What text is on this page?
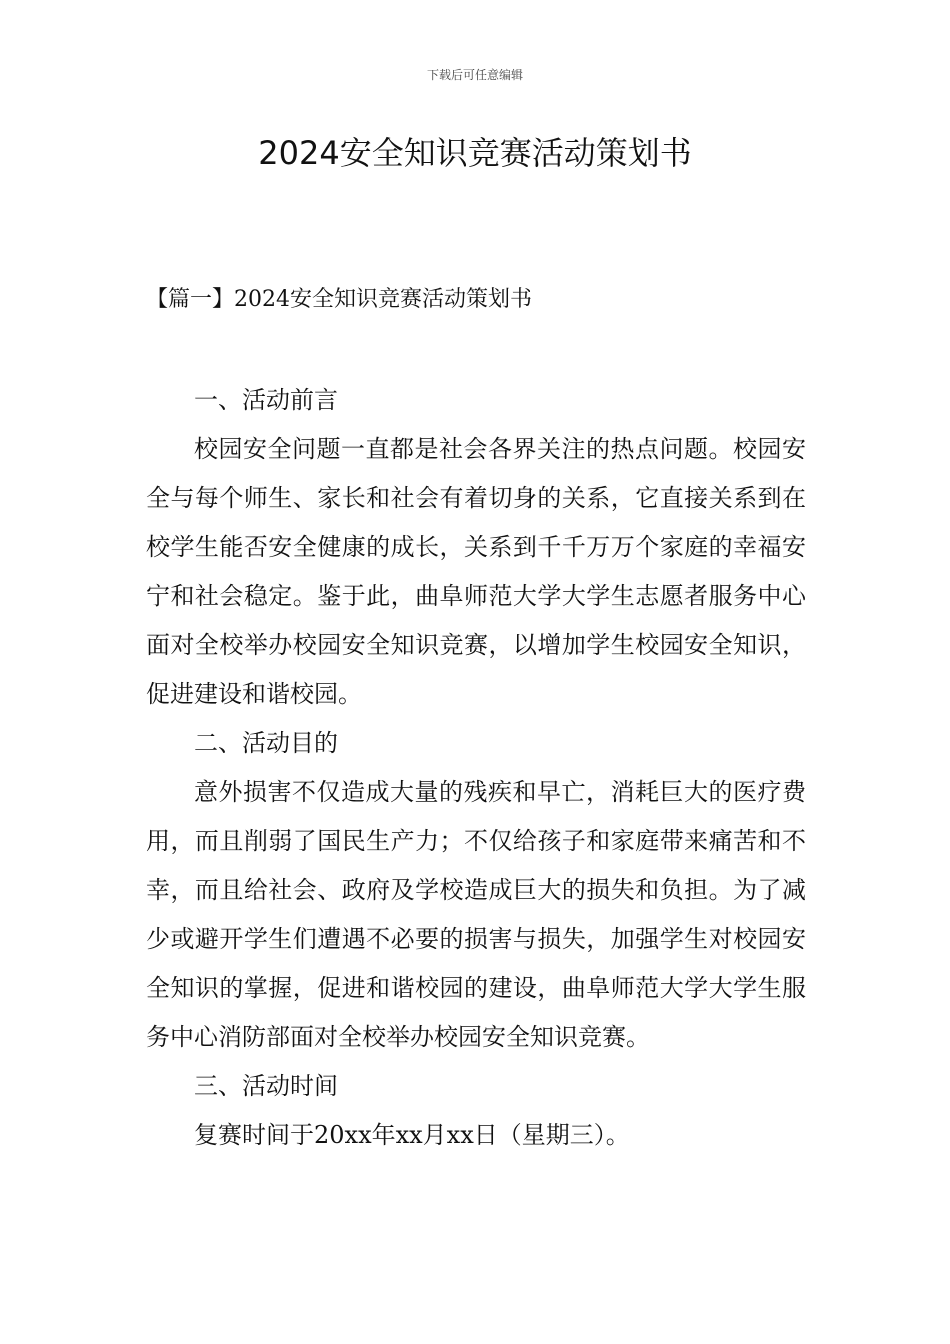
下载后可任意编辑
2024安全知识竞赛活动策划书
【篇一】2024安全知识竞赛活动策划书

一、活动前言

校园安全问题一直都是社会各界关注的热点问题。校园安全与每个师生、家长和社会有着切身的关系，它直接关系到在校学生能否安全健康的成长，关系到千千万万个家庭的幸福安宁和社会稳定。鉴于此，曲阜师范大学大学生志愿者服务中心面对全校举办校园安全知识竞赛，以增加学生校园安全知识，促进建设和谐校园。

二、活动目的

意外损害不仅造成大量的残疾和早亡，消耗巨大的医疗费用，而且削弱了国民生产力；不仅给孩子和家庭带来痛苦和不幸，而且给社会、政府及学校造成巨大的损失和负担。为了减少或避开学生们遭遇不必要的损害与损失，加强学生对校园安全知识的掌握，促进和谐校园的建设，曲阜师范大学大学生服务中心消防部面对全校举办校园安全知识竞赛。

三、活动时间

复赛时间于20xx年xx月xx日（星期三）。
